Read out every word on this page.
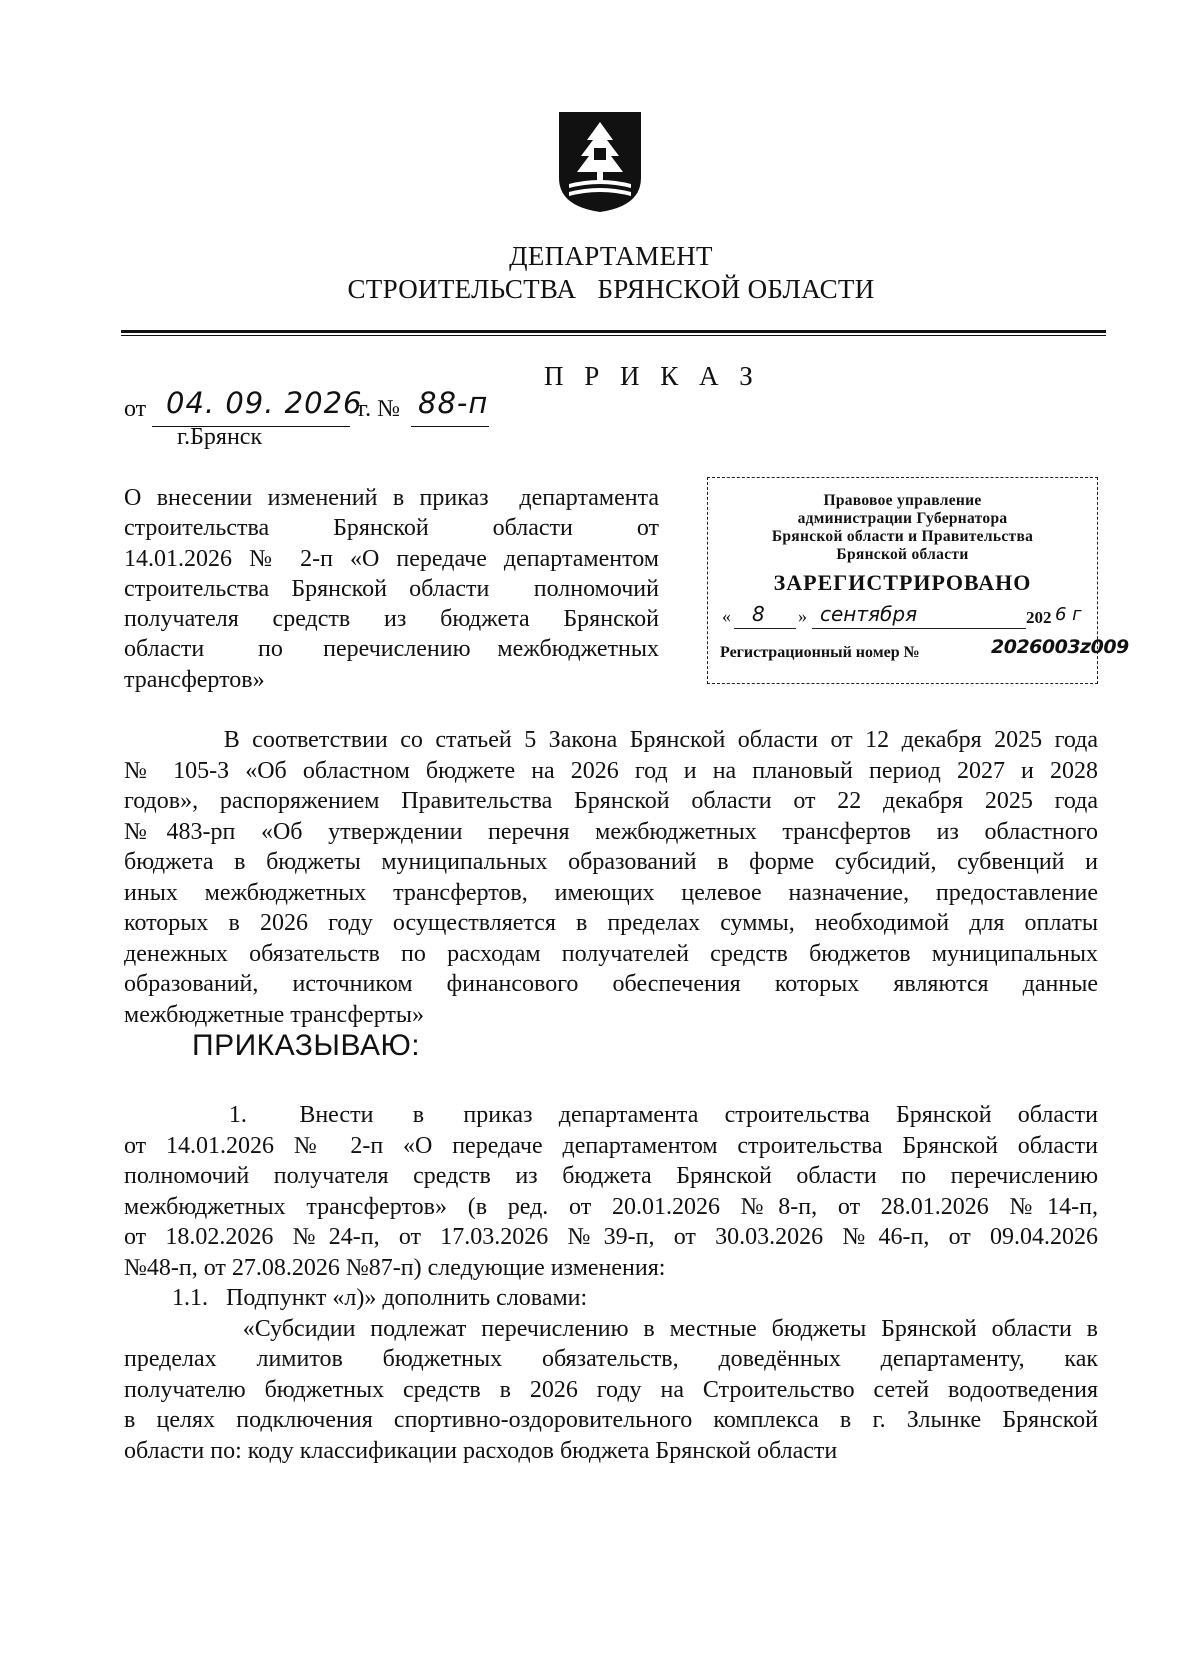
ДЕПАРТАМЕНТ
СТРОИТЕЛЬСТВА   БРЯНСКОЙ ОБЛАСТИ
П Р И К А З
от 04. 09. 2026
г. № 88-п
г.Брянск
О внесении изменений в приказ  департамента
строительства    Брянской    области    от
14.01.2026 № 2-п «О передаче департаментом
строительства Брянской области  полномочий
получателя  средств  из  бюджета  Брянской
области    по   перечислению  межбюджетных
трансфертов»
Правовое управление
администрации Губернатора
Брянской области и Правительства
Брянской области
ЗАРЕГИСТРИРОВАНО
« 8 » сентября	202 6 г
Регистрационный номер №	2026003z009
В соответствии со статьей 5 Закона Брянской области от 12 декабря 2025 года
№ 105-З «Об областном бюджете на 2026 год и на плановый период 2027 и 2028
годов», распоряжением Правительства Брянской области от 22 декабря 2025 года
№483-рп «Об утверждении перечня межбюджетных трансфертов из областного
бюджета в бюджеты муниципальных образований в форме субсидий, субвенций и
иных межбюджетных трансфертов, имеющих целевое назначение, предоставление
которых в 2026 году осуществляется в пределах суммы, необходимой для оплаты
денежных обязательств по расходам получателей средств бюджетов муниципальных
образований, источником финансового обеспечения которых являются данные
межбюджетные трансферты»
ПРИКАЗЫВАЮ:
1.    Внести   в   приказ  департамента  строительства  Брянской  области
от 14.01.2026 № 2-п «О передаче департаментом строительства Брянской области
полномочий получателя средств из бюджета Брянской области по перечислению
межбюджетных трансфертов» (в ред. от 20.01.2026 №8-п, от 28.01.2026 №14-п,
от 18.02.2026 №24-п, от 17.03.2026 №39-п, от 30.03.2026 №46-п, от 09.04.2026
№48-п, от 27.08.2026 №87-п) следующие изменения:
1.1.   Подпункт «л)» дополнить словами:
«Субсидии подлежат перечислению в местные бюджеты Брянской области в
пределах  лимитов  бюджетных  обязательств,  доведённых  департаменту,  как
получателю бюджетных средств в 2026 году на Строительство сетей водоотведения
в целях подключения спортивно-оздоровительного комплекса в г. Злынке Брянской
области по: коду классификации расходов бюджета Брянской области
